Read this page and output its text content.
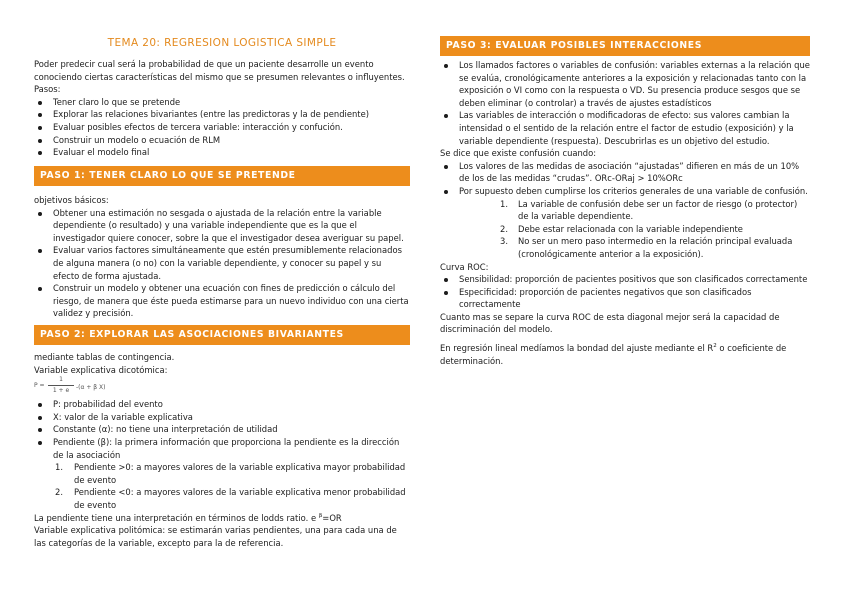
TEMA 20: REGRESION LOGISTICA SIMPLE

Poder predecir cual será la probabilidad de que un paciente desarrolle un evento conociendo ciertas características del mismo que se presumen relevantes o influyentes.

Pasos:

Tener claro lo que se pretende
Explorar las relaciones bivariantes (entre las predictoras y la de pendiente)
Evaluar posibles efectos de tercera variable: interacción y confución.
Construir un modelo o ecuación de RLM
Evaluar el modelo final
PASO 1: TENER CLARO LO QUE SE PRETENDE

objetivos básicos:

Obtener una estimación no sesgada o ajustada de la relación entre la variable dependiente (o resultado) y una variable independiente que es la que el investigador quiere conocer, sobre la que el investigador desea averiguar su papel.
Evaluar varios factores simultáneamente que estén presumiblemente relacionados de alguna manera (o no) con la variable dependiente, y conocer su papel y su efecto de forma ajustada.
Construir un modelo y obtener una ecuación con fines de predicción o cálculo del riesgo, de manera que éste pueda estimarse para un nuevo individuo con una cierta validez y precisión.
PASO 2: EXPLORAR LAS ASOCIACIONES BIVARIANTES

mediante tablas de contingencia.

Variable explicativa dicotómica:

P =
1
1 + e	-(α + β X)
P: probabilidad del evento
X: valor de la variable explicativa
Constante (α): no tiene una interpretación de utilidad
Pendiente (β): la primera información que proporciona la pendiente es la dirección de la asociación
1. Pendiente >0: a mayores valores de la variable explicativa mayor probabilidad de evento
2. Pendiente <0: a mayores valores de la variable explicativa menor probabilidad de evento

La pendiente tiene una interpretación en términos de lodds ratio. e $^\beta$=OR

Variable explicativa politómica: se estimarán varias pendientes, una para cada una de las categorías de la variable, excepto para la de referencia.

PASO 3: EVALUAR POSIBLES INTERACCIONES
Los llamados factores o variables de confusión: variables externas a la relación que se evalúa, cronológicamente anteriores a la exposición y relacionadas tanto con la exposición o VI como con la respuesta o VD. Su presencia produce sesgos que se deben eliminar (o controlar) a través de ajustes estadísticos
Las variables de interacción o modificadoras de efecto: sus valores cambian la intensidad o el sentido de la relación entre el factor de estudio (exposición) y la variable dependiente (respuesta). Descubrirlas es un objetivo del estudio.

Se dice que existe confusión cuando:

Los valores de las medidas de asociación “ajustadas” difieren en más de un 10% de los de las medidas “crudas”. ORc-ORaj > 10%ORc
Por supuesto deben cumplirse los criterios generales de una variable de confusión.
1. La variable de confusión debe ser un factor de riesgo (o protector) de la variable dependiente.
2. Debe estar relacionada con la variable independiente
3. No ser un mero paso intermedio en la relación principal evaluada (cronológicamente anterior a la exposición).

Curva ROC:

Sensibilidad: proporción de pacientes positivos que son clasificados correctamente
Especificidad: proporción de pacientes negativos que son clasificados correctamente

Cuanto mas se separe la curva ROC de esta diagonal mejor será la capacidad de discriminación del modelo.

En regresión lineal medíamos la bondad del ajuste mediante el $R^2$ o coeficiente de determinación.
